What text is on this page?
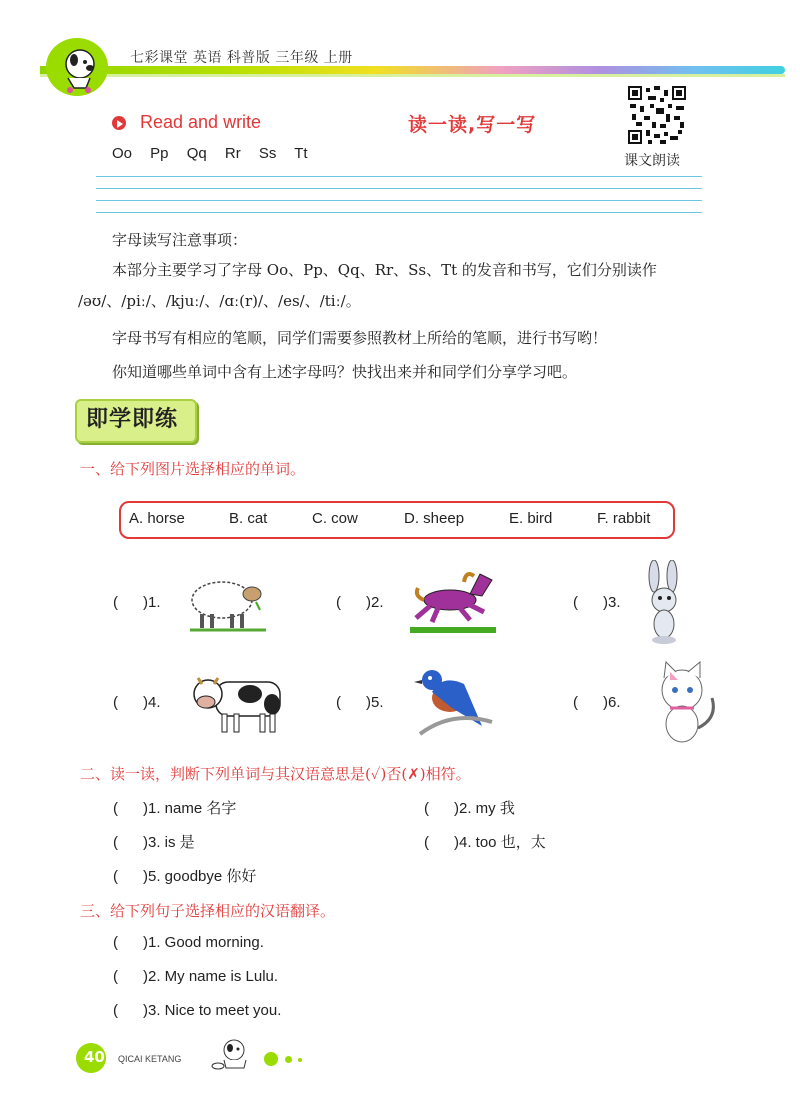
七彩课堂 英语 科普版 三年级 上册
Read and write	读一读,写一写
Oo Pp Qq Rr Ss Tt	课文朗读
字母读写注意事项：
本部分主要学习了字母 Oo、Pp、Qq、Rr、Ss、Tt 的发音和书写，它们分别读作
/əʊ/、/piː/、/kjuː/、/ɑː(r)/、/es/、/tiː/。
字母书写有相应的笔顺，同学们需要参照教材上所给的笔顺，进行书写哟！
你知道哪些单词中含有上述字母吗？快找出来并和同学们分享学习吧。
即学即练
一、给下列图片选择相应的单词。
A. horse	B. cat	C. cow	D. sheep	E. bird	F. rabbit
(      )1.	(      )2.	(      )3.
(      )4.	(      )5.	(      )6.
二、读一读，判断下列单词与其汉语意思是(✓)否(✗)相符。
(      )1. name 名字	(      )2. my 我
(      )3. is 是	(      )4. too 也，太
(      )5. goodbye 你好
三、给下列句子选择相应的汉语翻译。
(      )1. Good morning.
(      )2. My name is Lulu.
(      )3. Nice to meet you.
40 QICAI KETANG
